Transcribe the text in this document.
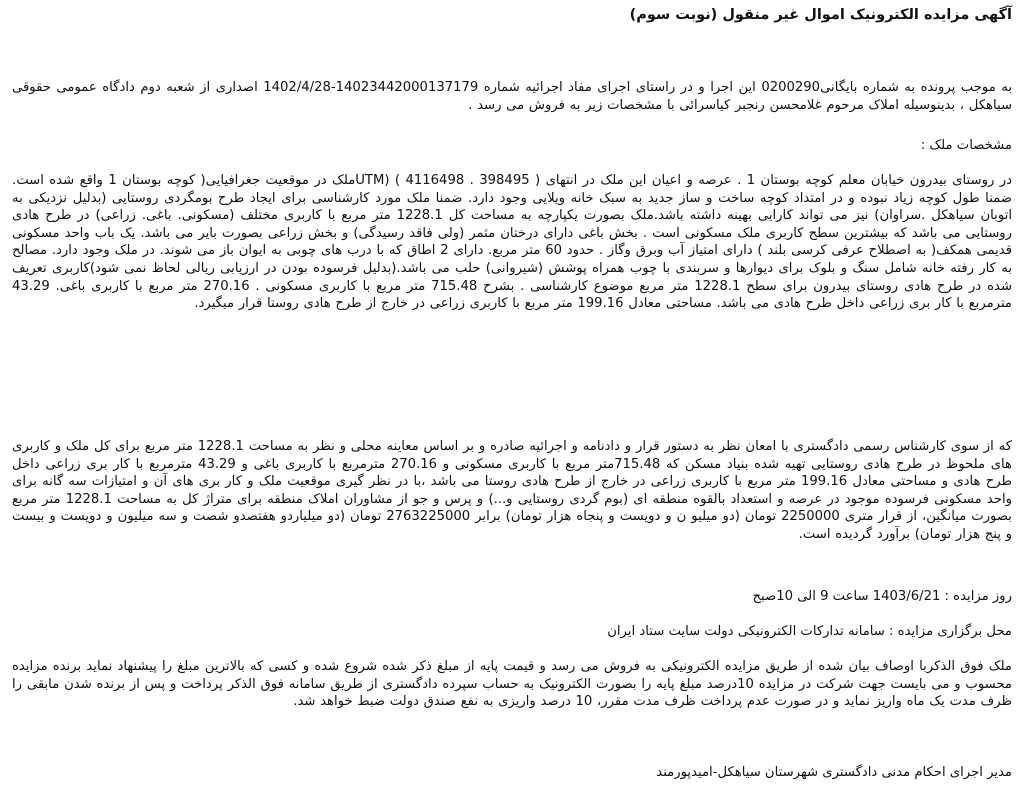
آگهی مزایده الکترونیک اموال غیر منقول (نوبت سوم)
به موجب پرونده به شماره بایگانی0200290 این اجرا و در راستای اجرای مفاد اجرائیه شماره 14023442000137179-1402/4/28 اصداری از شعبه دوم دادگاه عمومی حقوقی سیاهکل ، بدینوسیله املاک مرحوم غلامحسن رنجبر کیاسرائی با مشخصات زیر به فروش می رسد .
مشخصات ملک :
در روستای بیدرون خیابان معلم کوچه بوستان 1 . عرصه و اعیان این ملک در انتهای ( 398495 . 4116498 ) (UTMملک در موقعیت جغرافیایی( کوچه بوستان 1 واقع شده است. ضمنا طول کوچه زیاد نبوده و در امتداد کوچه ساخت و ساز جدید به سبک خانه ویلایی وجود دارد. ضمنا ملک مورد کارشناسی برای ایجاد طرح بومگردی روستایی (بدلیل نزدیکی به اتوبان سیاهکل .سراوان) نیز می تواند کارایی بهینه داشته باشد.ملک بصورت یکپارچه به مساحت کل 1228.1 متر مربع با کاربری مختلف (مسکونی. باغی. زراعی) در طرح هادی روستایی می باشد که بیشترین سطح کاربری ملک مسکونی است . بخش باغی دارای درختان مثمر (ولی فاقد رسیدگی) و بخش زراعی بصورت بایر می باشد. یک باب واحد مسکونی قدیمی همکف( به اصطلاح عرفی کرسی بلند ) دارای امتیاز آب وبرق وگاز . حدود 60 متر مربع. دارای 2 اطاق که با درب های چوبی به ایوان باز می شوند. در ملک وجود دارد. مصالح به کار رفته خانه شامل سنگ و بلوک برای دیوارها و سربندی با چوب همراه پوشش (شیروانی) حلب می باشد.(بدلیل فرسوده بودن در ارزیابی ریالی لحاظ نمی شود)کاربری تعریف شده در طرح هادی روستای بیدرون برای سطح 1228.1 متر مربع موضوع کارشناسی . بشرح 715.48 متر مربع با کاربری مسکونی . 270.16 متر مربع با کاربری باغی. 43.29 مترمربع با کار بری زراعی داخل طرح هادی می باشد. مساحتی معادل 199.16 متر مربع با کاربری زراعی در خارج از طرح هادی روستا قرار میگیرد.
که از سوی کارشناس رسمی دادگستری با امعان نظر به دستور قرار و دادنامه و اجرائیه صادره و بر اساس معاینه محلی و نظر به مساحت 1228.1 متر مربع برای کل ملک و کاربری های ملحوظ در طرح هادی روستایی تهیه شده بنیاد مسکن که 715.48متر مربع با کاربری مسکونی و 270.16 مترمربع با کاربری باغی و 43.29 مترمربع با کار بری زراعی داخل طرح هادی و مساحتی معادل 199.16 متر مربع با کاربری زراعی در خارج از طرح هادی روستا می باشد ،با در نظر گیری موقعیت ملک و کار بری های آن و امتیازات سه گانه برای واحد مسکونی فرسوده موجود در عرصه و استعداد بالقوه منطقه ای (بوم گردی روستایی و...) و پرس و جو از مشاوران املاک منطقه برای متراژ کل به مساحت 1228.1 متر مربع بصورت میانگین، از قرار متری 2250000 تومان (دو میلیو ن و دویست و پنجاه هزار تومان) برابر 2763225000 تومان (دو میلیاردو هفتصدو شصت و سه میلیون و دویست و بیست و پنج هزار تومان) برآورد گردیده است.
روز مزایده : 1403/6/21 ساعت 9 الی 10صبح
محل برگزاری مزایده : سامانه تدارکات الکترونیکی دولت سایت ستاد ایران
ملک فوق الذکربا اوصاف بیان شده از طریق مزایده الکترونیکی به فروش می رسد و قیمت پایه از مبلغ ذکر شده شروع شده و کسی که بالاترین مبلغ را پیشنهاد نماید برنده مزایده محسوب و می بایست جهت شرکت در مزایده 10درصد مبلغ پایه را بصورت الکترونیک به حساب سپرده دادگستری از طریق سامانه فوق الذکر پرداخت و پس از برنده شدن مابقی را ظرف مدت یک ماه واریز نماید و در صورت عدم پرداخت ظرف مدت مقرر، 10 درصد واریزی به نفع صندق دولت ضبط خواهد شد.
مدیر اجرای احکام مدنی دادگستری شهرستان سیاهکل-امیدپورمند
